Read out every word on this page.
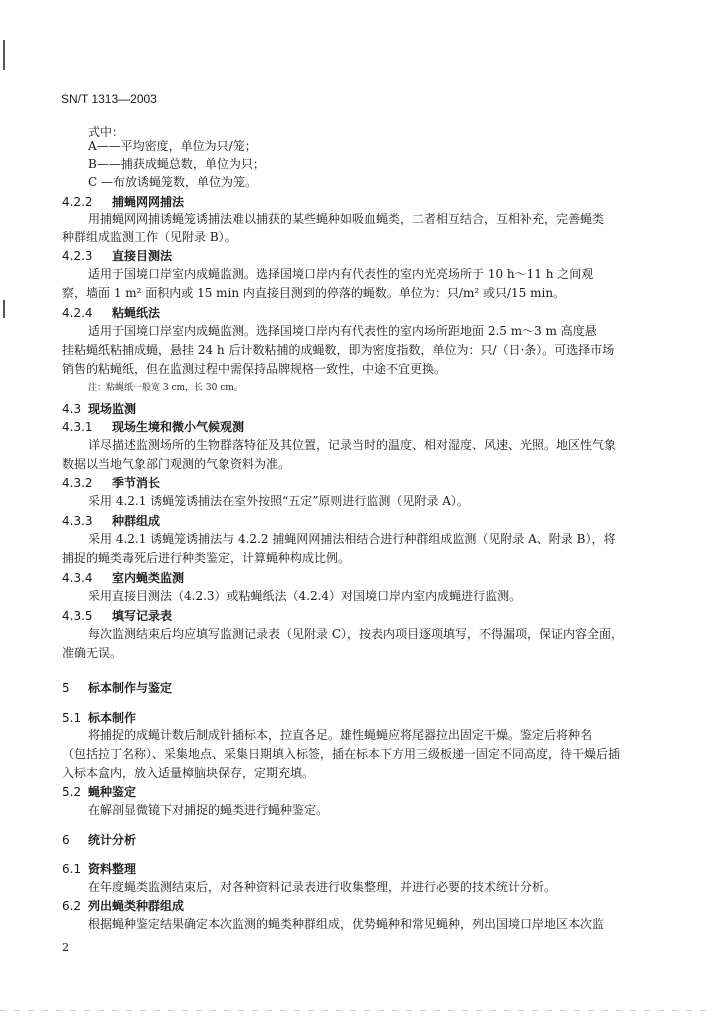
SN/T 1313—2003
式中：
A——平均密度，单位为只/笼；
B——捕获成蝇总数，单位为只；
C —布放诱蝇笼数，单位为笼。
4.2.2 捕蝇网网捕法
用捕蝇网网捕诱蝇笼诱捕法难以捕获的某些蝇种如吸血蝇类，二者相互结合，互相补充，完善蝇类
种群组成监测工作（见附录 B）。
4.2.3 直接目测法
适用于国境口岸室内成蝇监测。选择国境口岸内有代表性的室内光亮场所于 10 h～11 h 之间观
察，墙面 1 m² 面积内或 15 min 内直接目测到的停落的蝇数。单位为：只/m² 或只/15 min。
4.2.4 粘蝇纸法
适用于国境口岸室内成蝇监测。选择国境口岸内有代表性的室内场所距地面 2.5 m～3 m 高度悬
挂粘蝇纸粘捕成蝇，悬挂 24 h 后计数粘捕的成蝇数，即为密度指数，单位为：只/（日·条）。可选择市场
销售的粘蝇纸，但在监测过程中需保持品牌规格一致性，中途不宜更换。
注：粘蝇纸一般宽 3 cm，长 30 cm。
4.3 现场监测
4.3.1 现场生境和微小气候观测
详尽描述监测场所的生物群落特征及其位置，记录当时的温度、相对湿度、风速、光照。地区性气象
数据以当地气象部门观测的气象资料为准。
4.3.2 季节消长
采用 4.2.1 诱蝇笼诱捕法在室外按照“五定”原则进行监测（见附录 A）。
4.3.3 种群组成
采用 4.2.1 诱蝇笼诱捕法与 4.2.2 捕蝇网网捕法相结合进行种群组成监测（见附录 A、附录 B），将
捕捉的蝇类毒死后进行种类鉴定，计算蝇种构成比例。
4.3.4 室内蝇类监测
采用直接目测法（4.2.3）或粘蝇纸法（4.2.4）对国境口岸内室内成蝇进行监测。
4.3.5 填写记录表
每次监测结束后均应填写监测记录表（见附录 C），按表内项目逐项填写，不得漏项，保证内容全面，
准确无误。
5 标本制作与鉴定
5.1 标本制作
将捕捉的成蝇计数后制成针插标本，拉直各足。雄性蝇蝇应将尾器拉出固定干燥。鉴定后将种名
（包括拉丁名称）、采集地点、采集日期填入标签，插在标本下方用三级板递一固定不同高度，待干燥后插
入标本盒内，放入适量樟脑块保存，定期充填。
5.2 蝇种鉴定
在解剖显微镜下对捕捉的蝇类进行蝇种鉴定。
6 统计分析
6.1 资料整理
在年度蝇类监测结束后，对各种资料记录表进行收集整理，并进行必要的技术统计分析。
6.2 列出蝇类种群组成
根据蝇种鉴定结果确定本次监测的蝇类种群组成，优势蝇种和常见蝇种，列出国境口岸地区本次监
2
